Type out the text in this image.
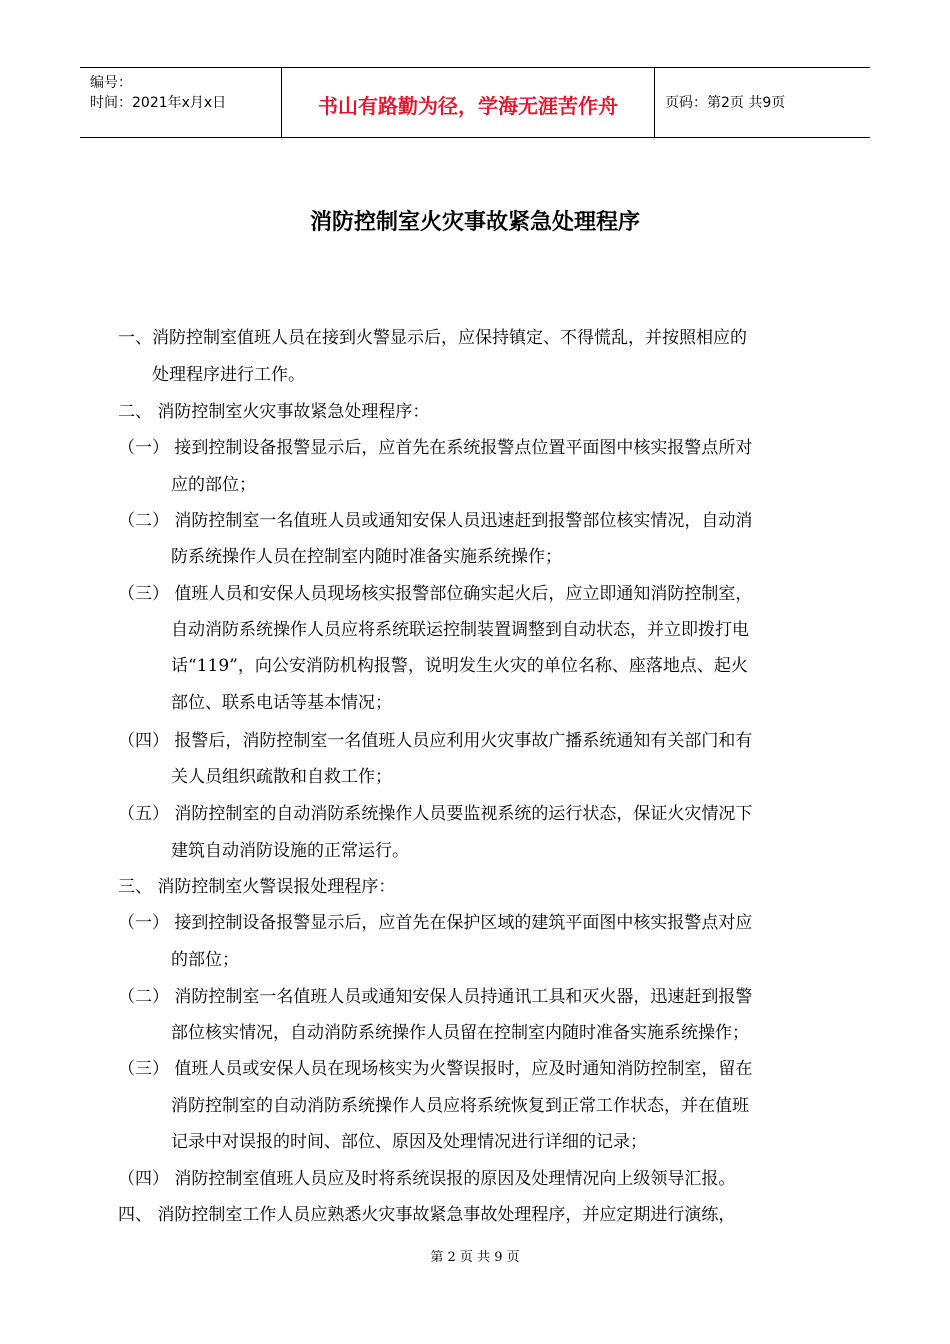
编号：
时间：2021年x月x日	书山有路勤为径，学海无涯苦作舟	页码：第2页 共9页
消防控制室火灾事故紧急处理程序
一、消防控制室值班人员在接到火警显示后，应保持镇定、不得慌乱，并按照相应的
处理程序进行工作。
二、 消防控制室火灾事故紧急处理程序：
（一） 接到控制设备报警显示后，应首先在系统报警点位置平面图中核实报警点所对
应的部位；
（二） 消防控制室一名值班人员或通知安保人员迅速赶到报警部位核实情况，自动消
防系统操作人员在控制室内随时准备实施系统操作；
（三） 值班人员和安保人员现场核实报警部位确实起火后，应立即通知消防控制室，
自动消防系统操作人员应将系统联运控制装置调整到自动状态，并立即拨打电
话“119”，向公安消防机构报警，说明发生火灾的单位名称、座落地点、起火
部位、联系电话等基本情况；
（四） 报警后，消防控制室一名值班人员应利用火灾事故广播系统通知有关部门和有
关人员组织疏散和自救工作；
（五） 消防控制室的自动消防系统操作人员要监视系统的运行状态，保证火灾情况下
建筑自动消防设施的正常运行。
三、 消防控制室火警误报处理程序：
（一） 接到控制设备报警显示后，应首先在保护区域的建筑平面图中核实报警点对应
的部位；
（二） 消防控制室一名值班人员或通知安保人员持通讯工具和灭火器，迅速赶到报警
部位核实情况，自动消防系统操作人员留在控制室内随时准备实施系统操作；
（三） 值班人员或安保人员在现场核实为火警误报时，应及时通知消防控制室，留在
消防控制室的自动消防系统操作人员应将系统恢复到正常工作状态，并在值班
记录中对误报的时间、部位、原因及处理情况进行详细的记录；
（四） 消防控制室值班人员应及时将系统误报的原因及处理情况向上级领导汇报。
四、 消防控制室工作人员应熟悉火灾事故紧急事故处理程序，并应定期进行演练，
第 2 页 共 9 页
